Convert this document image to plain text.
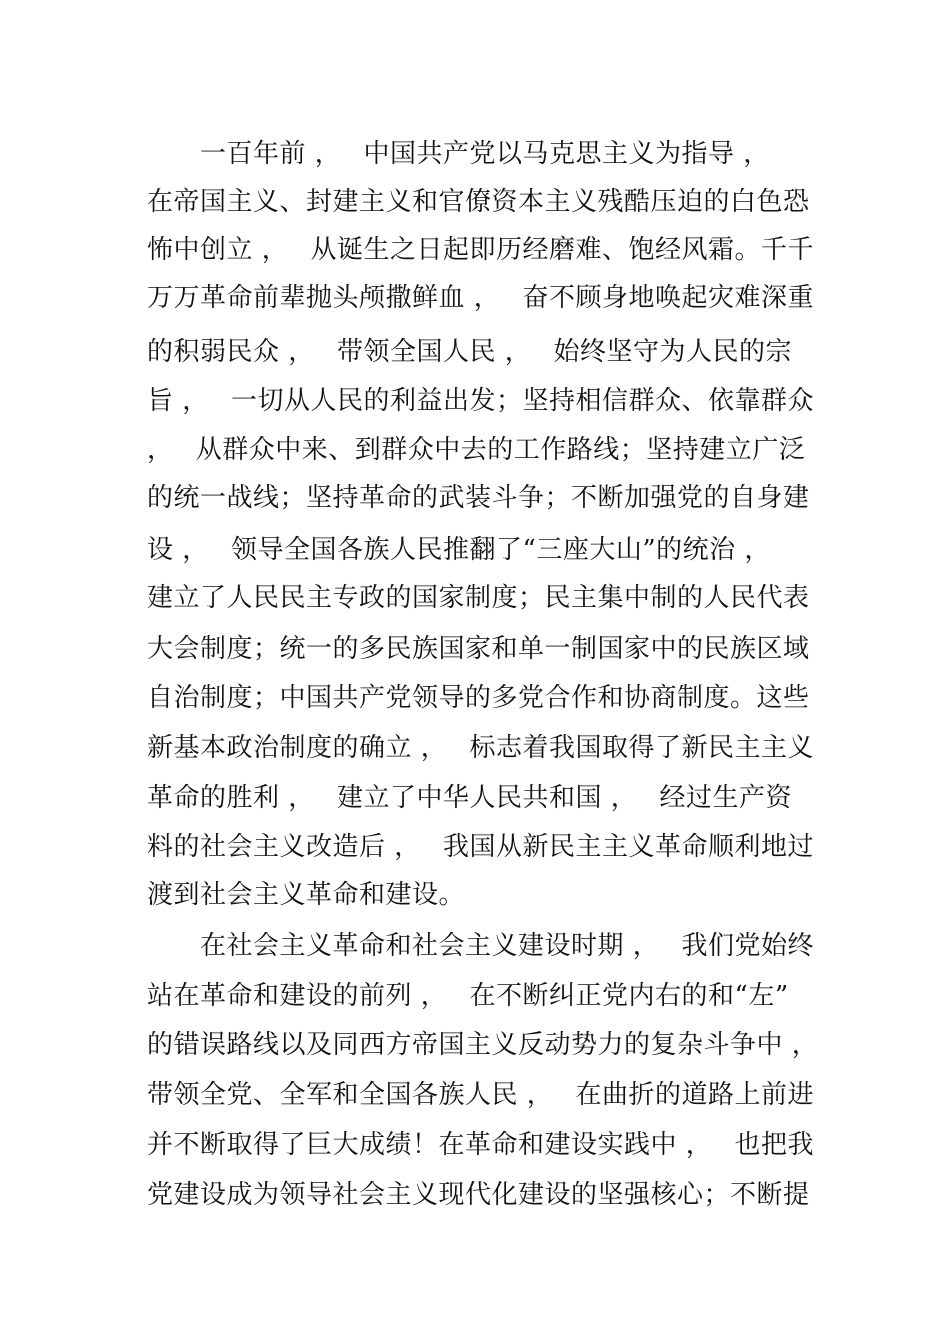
　　一百年前 ，　 中国共产党以马克思主义为指导 ，
在帝国主义、封建主义和官僚资本主义残酷压迫的白色恐
怖中创立 ，　 从诞生之日起即历经磨难、饱经风霜。千千
万万革命前辈抛头颅撒鲜血 ，　 奋不顾身地唤起灾难深重
的积弱民众 ，　 带领全国人民 ，　 始终坚守为人民的宗
旨 ，　 一切从人民的利益出发；坚持相信群众、依靠群众
，　 从群众中来、到群众中去的工作路线；坚持建立广泛
的统一战线；坚持革命的武装斗争；不断加强党的自身建
设 ，　 领导全国各族人民推翻了“三座大山”的统治 ，
建立了人民民主专政的国家制度；民主集中制的人民代表
大会制度；统一的多民族国家和单一制国家中的民族区域
自治制度；中国共产党领导的多党合作和协商制度。这些
新基本政治制度的确立 ，　 标志着我国取得了新民主主义
革命的胜利 ，　 建立了中华人民共和国 ，　 经过生产资
料的社会主义改造后 ，　 我国从新民主主义革命顺利地过
渡到社会主义革命和建设。
　　在社会主义革命和社会主义建设时期 ，　 我们党始终
站在革命和建设的前列 ，　 在不断纠正党内右的和“左”
的错误路线以及同西方帝国主义反动势力的复杂斗争中 ，
带领全党、全军和全国各族人民 ，　 在曲折的道路上前进
并不断取得了巨大成绩！在革命和建设实践中 ，　 也把我
党建设成为领导社会主义现代化建设的坚强核心；不断提
